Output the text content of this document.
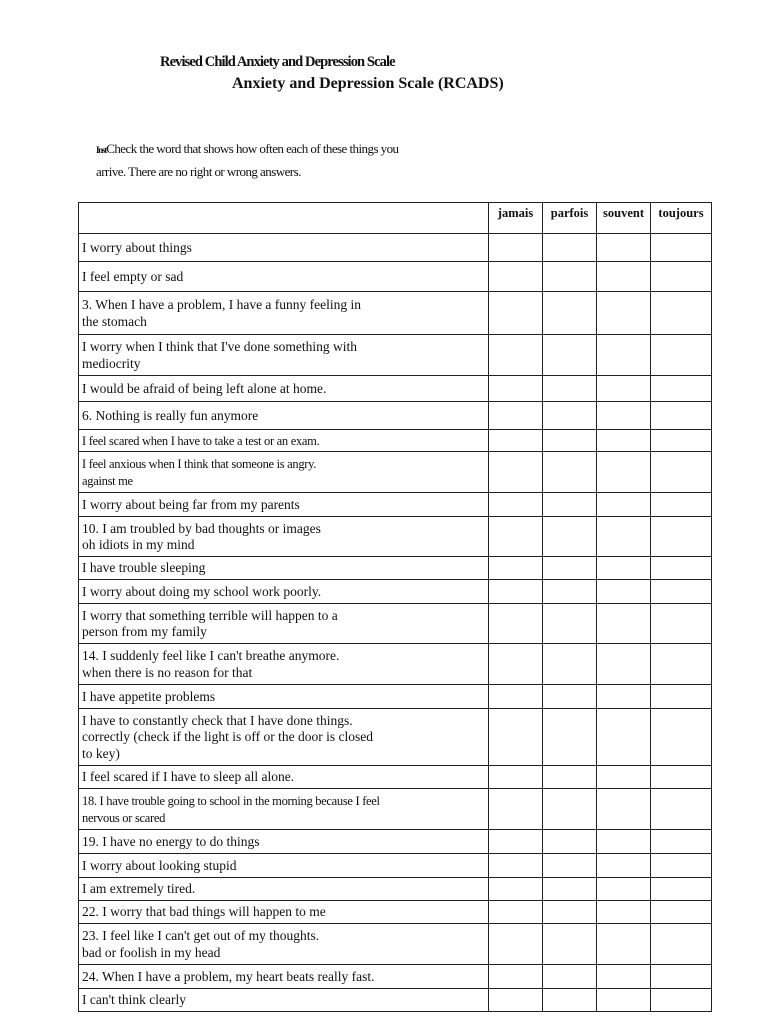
Revised Child Anxiety and Depression Scale
Anxiety and Depression Scale (RCADS)
InstCheck the word that shows how often each of these things you
arrive. There are no right or wrong answers.
	jamais	parfois	souvent	toujours
I worry about things				
I feel empty or sad				
3. When I have a problem, I have a funny feeling in
the stomach				
I worry when I think that I've done something with
mediocrity				
I would be afraid of being left alone at home.				
6. Nothing is really fun anymore				
I feel scared when I have to take a test or an exam.				
I feel anxious when I think that someone is angry.
against me				
I worry about being far from my parents				
10. I am troubled by bad thoughts or images
oh idiots in my mind				
I have trouble sleeping				
I worry about doing my school work poorly.				
I worry that something terrible will happen to a
person from my family				
14. I suddenly feel like I can't breathe anymore.
when there is no reason for that				
I have appetite problems				
I have to constantly check that I have done things.
correctly (check if the light is off or the door is closed
to key)				
I feel scared if I have to sleep all alone.				
18. I have trouble going to school in the morning because I feel
nervous or scared				
19. I have no energy to do things				
I worry about looking stupid				
I am extremely tired.				
22. I worry that bad things will happen to me				
23. I feel like I can't get out of my thoughts.
bad or foolish in my head				
24. When I have a problem, my heart beats really fast.				
I can't think clearly				
